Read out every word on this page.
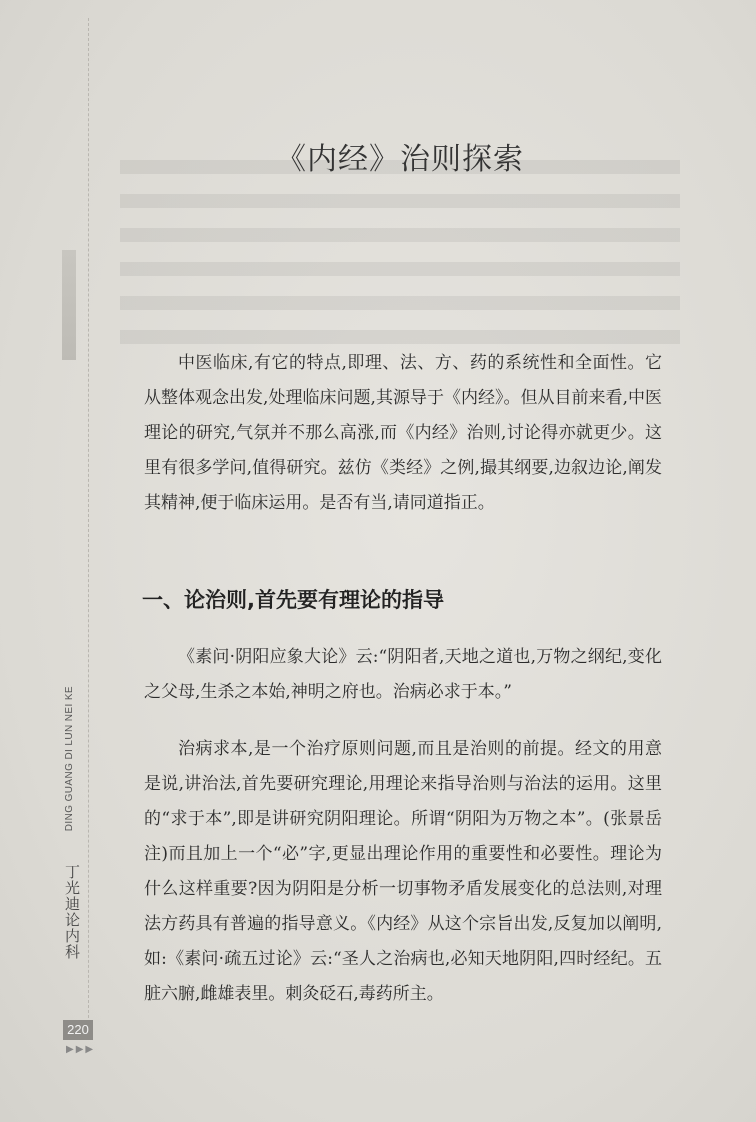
《内经》治则探索

中医临床,有它的特点,即理、法、方、药的系统性和全面性。它从整体观念出发,处理临床问题,其源导于《内经》。但从目前来看,中医理论的研究,气氛并不那么高涨,而《内经》治则,讨论得亦就更少。这里有很多学问,值得研究。兹仿《类经》之例,撮其纲要,边叙边论,阐发其精神,便于临床运用。是否有当,请同道指正。

一、论治则,首先要有理论的指导

《素问·阴阳应象大论》云:“阴阳者,天地之道也,万物之纲纪,变化之父母,生杀之本始,神明之府也。治病必求于本。”

治病求本,是一个治疗原则问题,而且是治则的前提。经文的用意是说,讲治法,首先要研究理论,用理论来指导治则与治法的运用。这里的“求于本”,即是讲研究阴阳理论。所谓“阴阳为万物之本”。(张景岳注)而且加上一个“必”字,更显出理论作用的重要性和必要性。理论为什么这样重要?因为阴阳是分析一切事物矛盾发展变化的总法则,对理法方药具有普遍的指导意义。《内经》从这个宗旨出发,反复加以阐明,如:《素问·疏五过论》云:“圣人之治病也,必知天地阴阳,四时经纪。五脏六腑,雌雄表里。刺灸砭石,毒药所主。

DING GUANG DI LUN NEI KE
丁光迪论内科
220
▶▶▶
